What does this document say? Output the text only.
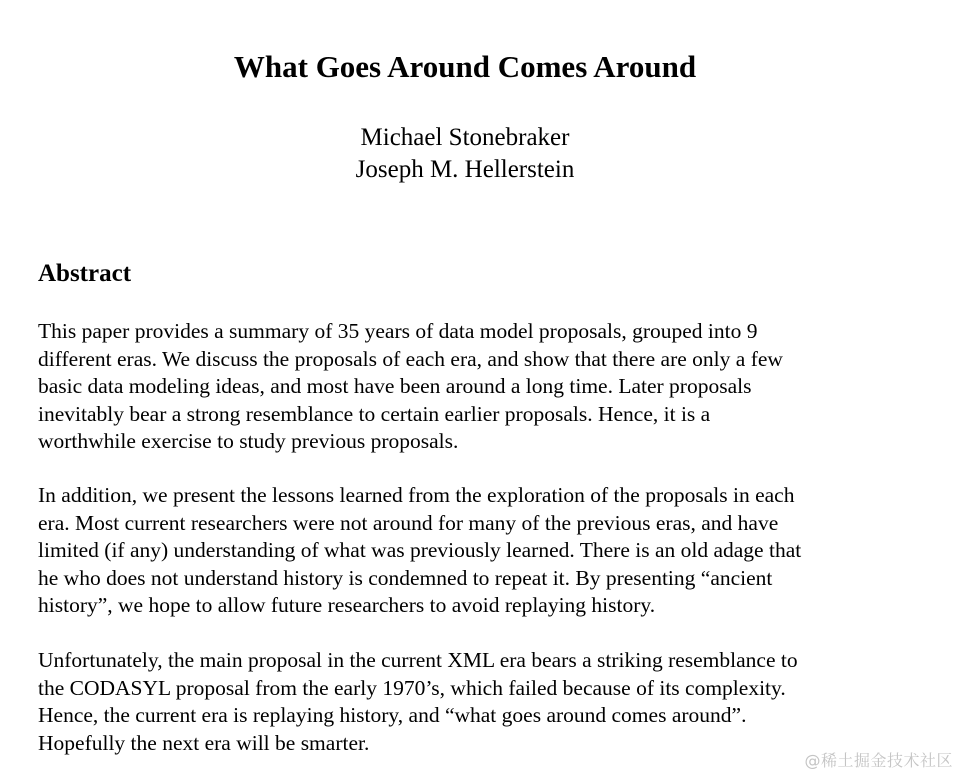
What Goes Around Comes Around
Michael Stonebraker
Joseph M. Hellerstein
Abstract

This paper provides a summary of 35 years of data model proposals, grouped into 9
different eras. We discuss the proposals of each era, and show that there are only a few
basic data modeling ideas, and most have been around a long time. Later proposals
inevitably bear a strong resemblance to certain earlier proposals. Hence, it is a
worthwhile exercise to study previous proposals.

In addition, we present the lessons learned from the exploration of the proposals in each
era. Most current researchers were not around for many of the previous eras, and have
limited (if any) understanding of what was previously learned. There is an old adage that
he who does not understand history is condemned to repeat it. By presenting “ancient
history”, we hope to allow future researchers to avoid replaying history.

Unfortunately, the main proposal in the current XML era bears a striking resemblance to
the CODASYL proposal from the early 1970’s, which failed because of its complexity.
Hence, the current era is replaying history, and “what goes around comes around”.
Hopefully the next era will be smarter.

@稀土掘金技术社区
